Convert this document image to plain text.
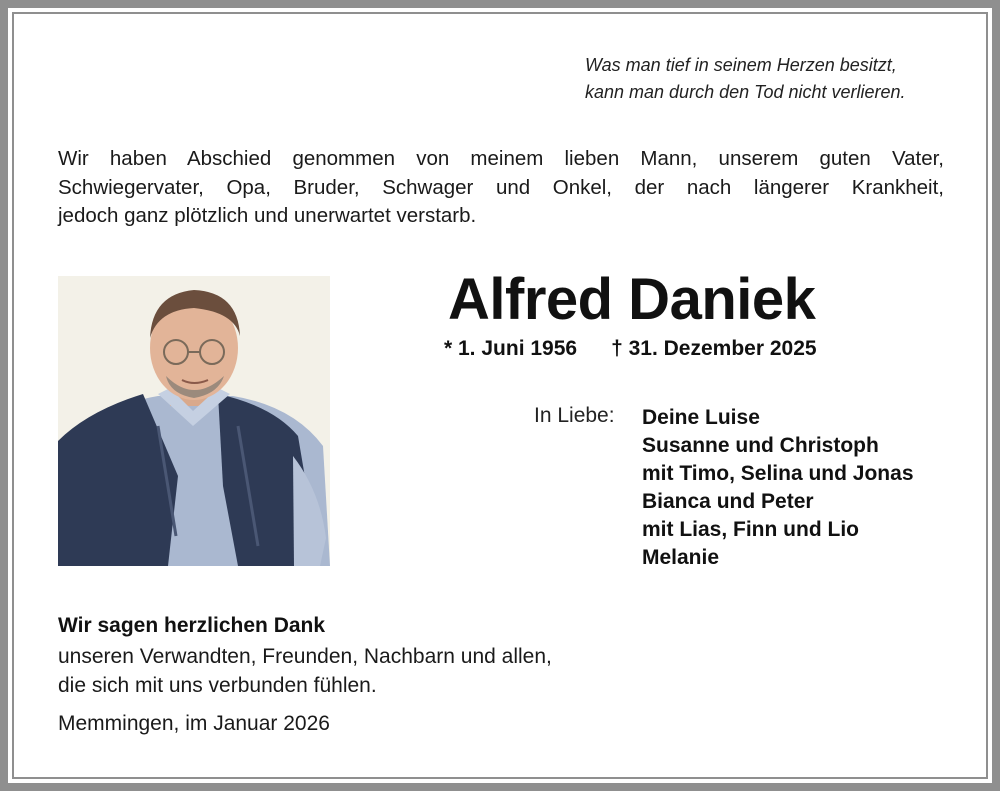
Was man tief in seinem Herzen besitzt,
kann man durch den Tod nicht verlieren.
Wir haben Abschied genommen von meinem lieben Mann, unserem guten Vater,
Schwiegervater, Opa, Bruder, Schwager und Onkel, der nach längerer Krankheit,
jedoch ganz plötzlich und unerwartet verstarb.
Alfred Daniek
* 1. Juni 1956 † 31. Dezember 2025
In Liebe: Deine Luise
Susanne und Christoph
mit Timo, Selina und Jonas
Bianca und Peter
mit Lias, Finn und Lio
Melanie
Wir sagen herzlichen Dank
unseren Verwandten, Freunden, Nachbarn und allen,
die sich mit uns verbunden fühlen.
Memmingen, im Januar 2026
